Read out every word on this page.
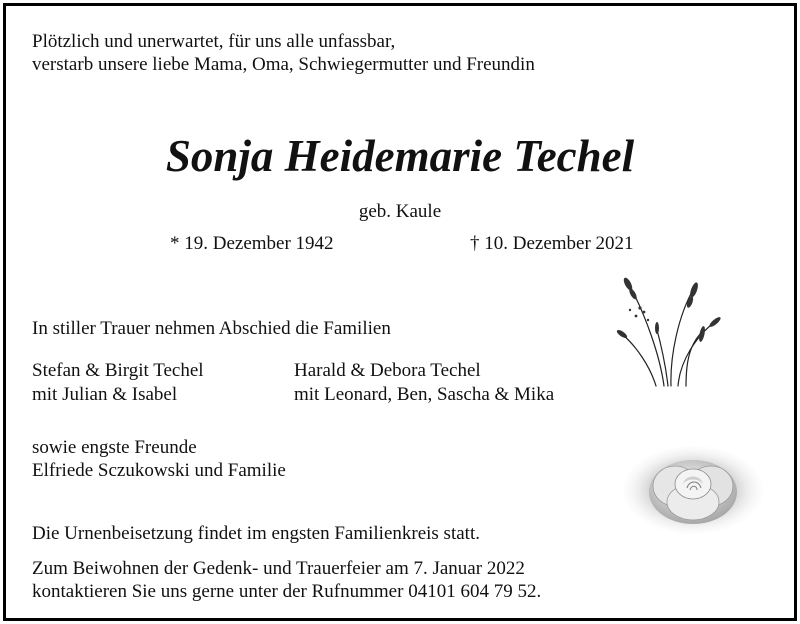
Plötzlich und unerwartet, für uns alle unfassbar,
verstarb unsere liebe Mama, Oma, Schwiegermutter und Freundin
Sonja Heidemarie Techel
geb. Kaule
* 19. Dezember 1942	† 10. Dezember 2021
In stiller Trauer nehmen Abschied die Familien
Stefan & Birgit Techel
mit Julian & Isabel
Harald & Debora Techel
mit Leonard, Ben, Sascha & Mika
sowie engste Freunde
Elfriede Sczukowski und Familie
Die Urnenbeisetzung findet im engsten Familienkreis statt.
Zum Beiwohnen der Gedenk- und Trauerfeier am 7. Januar 2022
kontaktieren Sie uns gerne unter der Rufnummer 04101 604 79 52.
